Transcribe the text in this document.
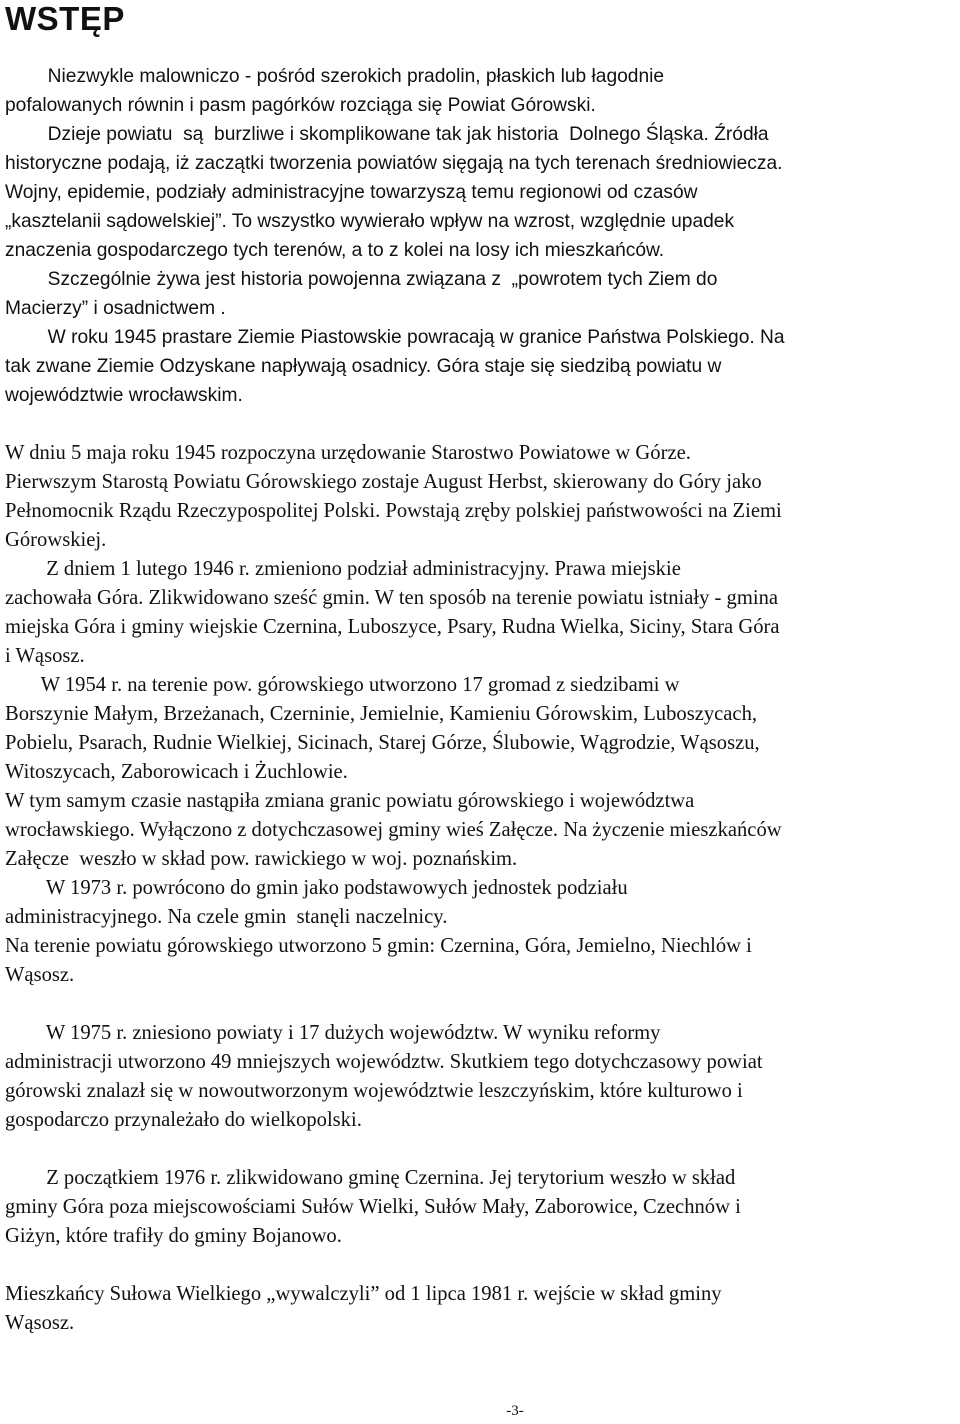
WSTĘP
Niezwykle malowniczo - pośród szerokich pradolin, płaskich lub łagodnie
pofalowanych równin i pasm pagórków rozciąga się Powiat Górowski.
Dzieje powiatu  są  burzliwe i skomplikowane tak jak historia  Dolnego Śląska. Źródła
historyczne podają, iż zaczątki tworzenia powiatów sięgają na tych terenach średniowiecza.
Wojny, epidemie, podziały administracyjne towarzyszą temu regionowi od czasów
„kasztelanii sądowelskiej”. To wszystko wywierało wpływ na wzrost, względnie upadek
znaczenia gospodarczego tych terenów, a to z kolei na losy ich mieszkańców.
Szczególnie żywa jest historia powojenna związana z  „powrotem tych Ziem do
Macierzy” i osadnictwem .
W roku 1945 prastare Ziemie Piastowskie powracają w granice Państwa Polskiego. Na
tak zwane Ziemie Odzyskane napływają osadnicy. Góra staje się siedzibą powiatu w
województwie wrocławskim.
W dniu 5 maja roku 1945 rozpoczyna urzędowanie Starostwo Powiatowe w Górze.
Pierwszym Starostą Powiatu Górowskiego zostaje August Herbst, skierowany do Góry jako
Pełnomocnik Rządu Rzeczypospolitej Polski. Powstają zręby polskiej państwowości na Ziemi
Górowskiej.
Z dniem 1 lutego 1946 r. zmieniono podział administracyjny. Prawa miejskie
zachowała Góra. Zlikwidowano sześć gmin. W ten sposób na terenie powiatu istniały - gmina
miejska Góra i gminy wiejskie Czernina, Luboszyce, Psary, Rudna Wielka, Siciny, Stara Góra
i Wąsosz.
W 1954 r. na terenie pow. górowskiego utworzono 17 gromad z siedzibami w
Borszynie Małym, Brzeżanach, Czerninie, Jemielnie, Kamieniu Górowskim, Luboszycach,
Pobielu, Psarach, Rudnie Wielkiej, Sicinach, Starej Górze, Ślubowie, Wągrodzie, Wąsoszu,
Witoszycach, Zaborowicach i Żuchlowie.
W tym samym czasie nastąpiła zmiana granic powiatu górowskiego i województwa
wrocławskiego. Wyłączono z dotychczasowej gminy wieś Załęcze. Na życzenie mieszkańców
Załęcze  weszło w skład pow. rawickiego w woj. poznańskim.
W 1973 r. powrócono do gmin jako podstawowych jednostek podziału
administracyjnego. Na czele gmin  stanęli naczelnicy.
Na terenie powiatu górowskiego utworzono 5 gmin: Czernina, Góra, Jemielno, Niechlów i
Wąsosz.
W 1975 r. zniesiono powiaty i 17 dużych województw. W wyniku reformy
administracji utworzono 49 mniejszych województw. Skutkiem tego dotychczasowy powiat
górowski znalazł się w nowoutworzonym województwie leszczyńskim, które kulturowo i
gospodarczo przynależało do wielkopolski.
Z początkiem 1976 r. zlikwidowano gminę Czernina. Jej terytorium weszło w skład
gminy Góra poza miejscowościami Sułów Wielki, Sułów Mały, Zaborowice, Czechnów i
Giżyn, które trafiły do gminy Bojanowo.
Mieszkańcy Sułowa Wielkiego „wywalczyli” od 1 lipca 1981 r. wejście w skład gminy
Wąsosz.
-3-
